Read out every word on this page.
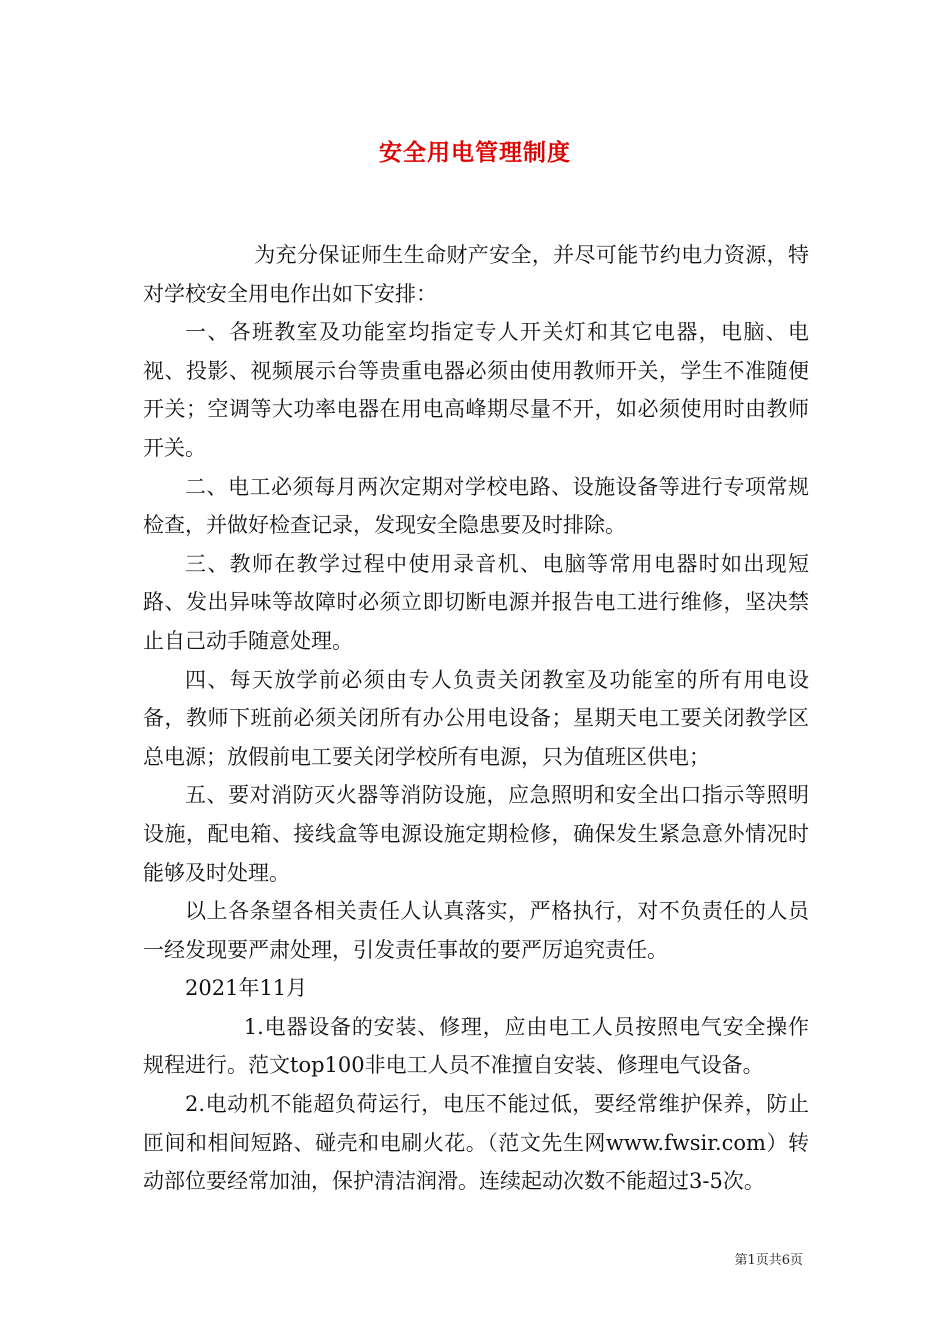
安全用电管理制度

为充分保证师生生命财产安全，并尽可能节约电力资源，特对学校安全用电作出如下安排：

一、各班教室及功能室均指定专人开关灯和其它电器，电脑、电视、投影、视频展示台等贵重电器必须由使用教师开关，学生不准随便开关；空调等大功率电器在用电高峰期尽量不开，如必须使用时由教师开关。

二、电工必须每月两次定期对学校电路、设施设备等进行专项常规检查，并做好检查记录，发现安全隐患要及时排除。

三、教师在教学过程中使用录音机、电脑等常用电器时如出现短路、发出异味等故障时必须立即切断电源并报告电工进行维修，坚决禁止自己动手随意处理。

四、每天放学前必须由专人负责关闭教室及功能室的所有用电设备，教师下班前必须关闭所有办公用电设备；星期天电工要关闭教学区总电源；放假前电工要关闭学校所有电源，只为值班区供电；

五、要对消防灭火器等消防设施，应急照明和安全出口指示等照明设施，配电箱、接线盒等电源设施定期检修，确保发生紧急意外情况时能够及时处理。

以上各条望各相关责任人认真落实，严格执行，对不负责任的人员一经发现要严肃处理，引发责任事故的要严厉追究责任。

2021年11月

1.电器设备的安装、修理，应由电工人员按照电气安全操作规程进行。范文top100非电工人员不准擅自安装、修理电气设备。

2.电动机不能超负荷运行，电压不能过低，要经常维护保养，防止匝间和相间短路、碰壳和电刷火花。（范文先生网www.fwsir.com）转动部位要经常加油，保护清洁润滑。连续起动次数不能超过3-5次。

第1页共6页
